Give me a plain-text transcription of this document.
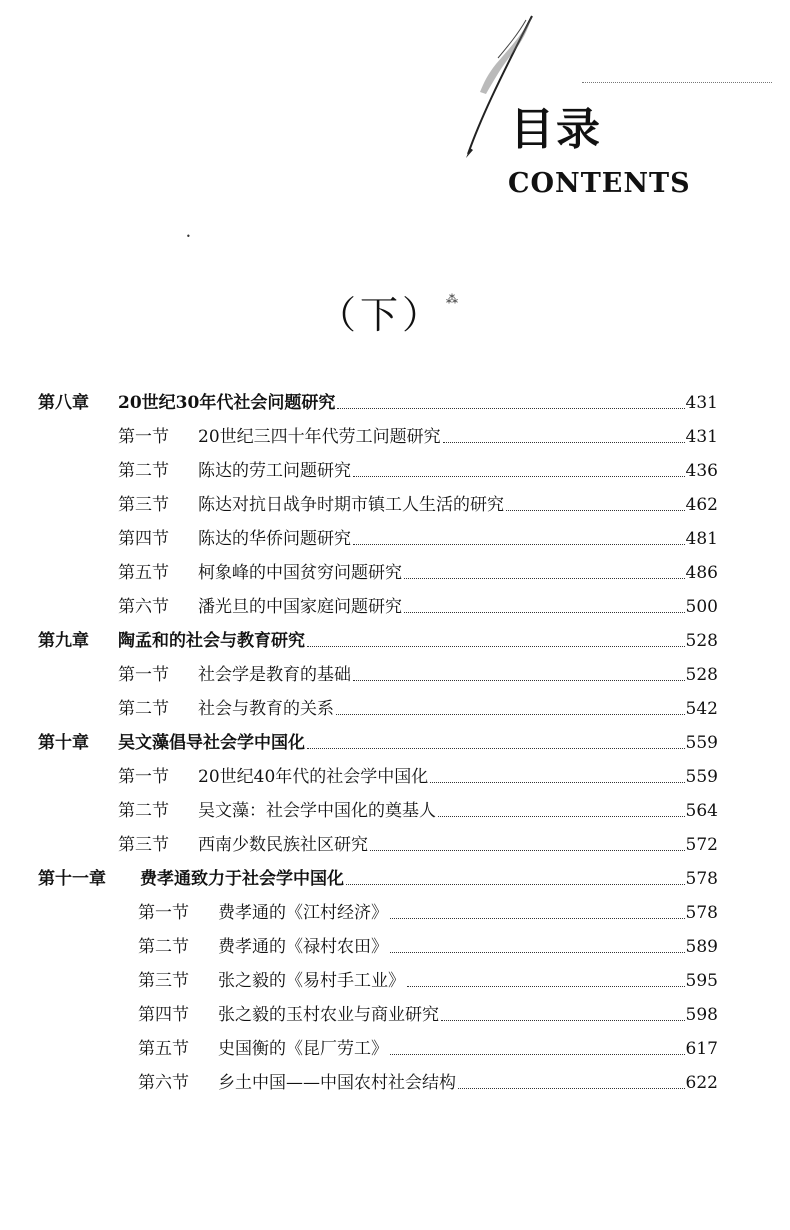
目录
CONTENTS
（下） ⁂
•
第八章	20世纪30年代社会问题研究	431
第一节	20世纪三四十年代劳工问题研究	431
第二节	陈达的劳工问题研究	436
第三节	陈达对抗日战争时期市镇工人生活的研究	462
第四节	陈达的华侨问题研究	481
第五节	柯象峰的中国贫穷问题研究	486
第六节	潘光旦的中国家庭问题研究	500
第九章	陶孟和的社会与教育研究	528
第一节	社会学是教育的基础	528
第二节	社会与教育的关系	542
第十章	吴文藻倡导社会学中国化	559
第一节	20世纪40年代的社会学中国化	559
第二节	吴文藻：社会学中国化的奠基人	564
第三节	西南少数民族社区研究	572
第十一章	费孝通致力于社会学中国化	578
第一节	费孝通的《江村经济》	578
第二节	费孝通的《禄村农田》	589
第三节	张之毅的《易村手工业》	595
第四节	张之毅的玉村农业与商业研究	598
第五节	史国衡的《昆厂劳工》	617
第六节	乡土中国——中国农村社会结构	622
